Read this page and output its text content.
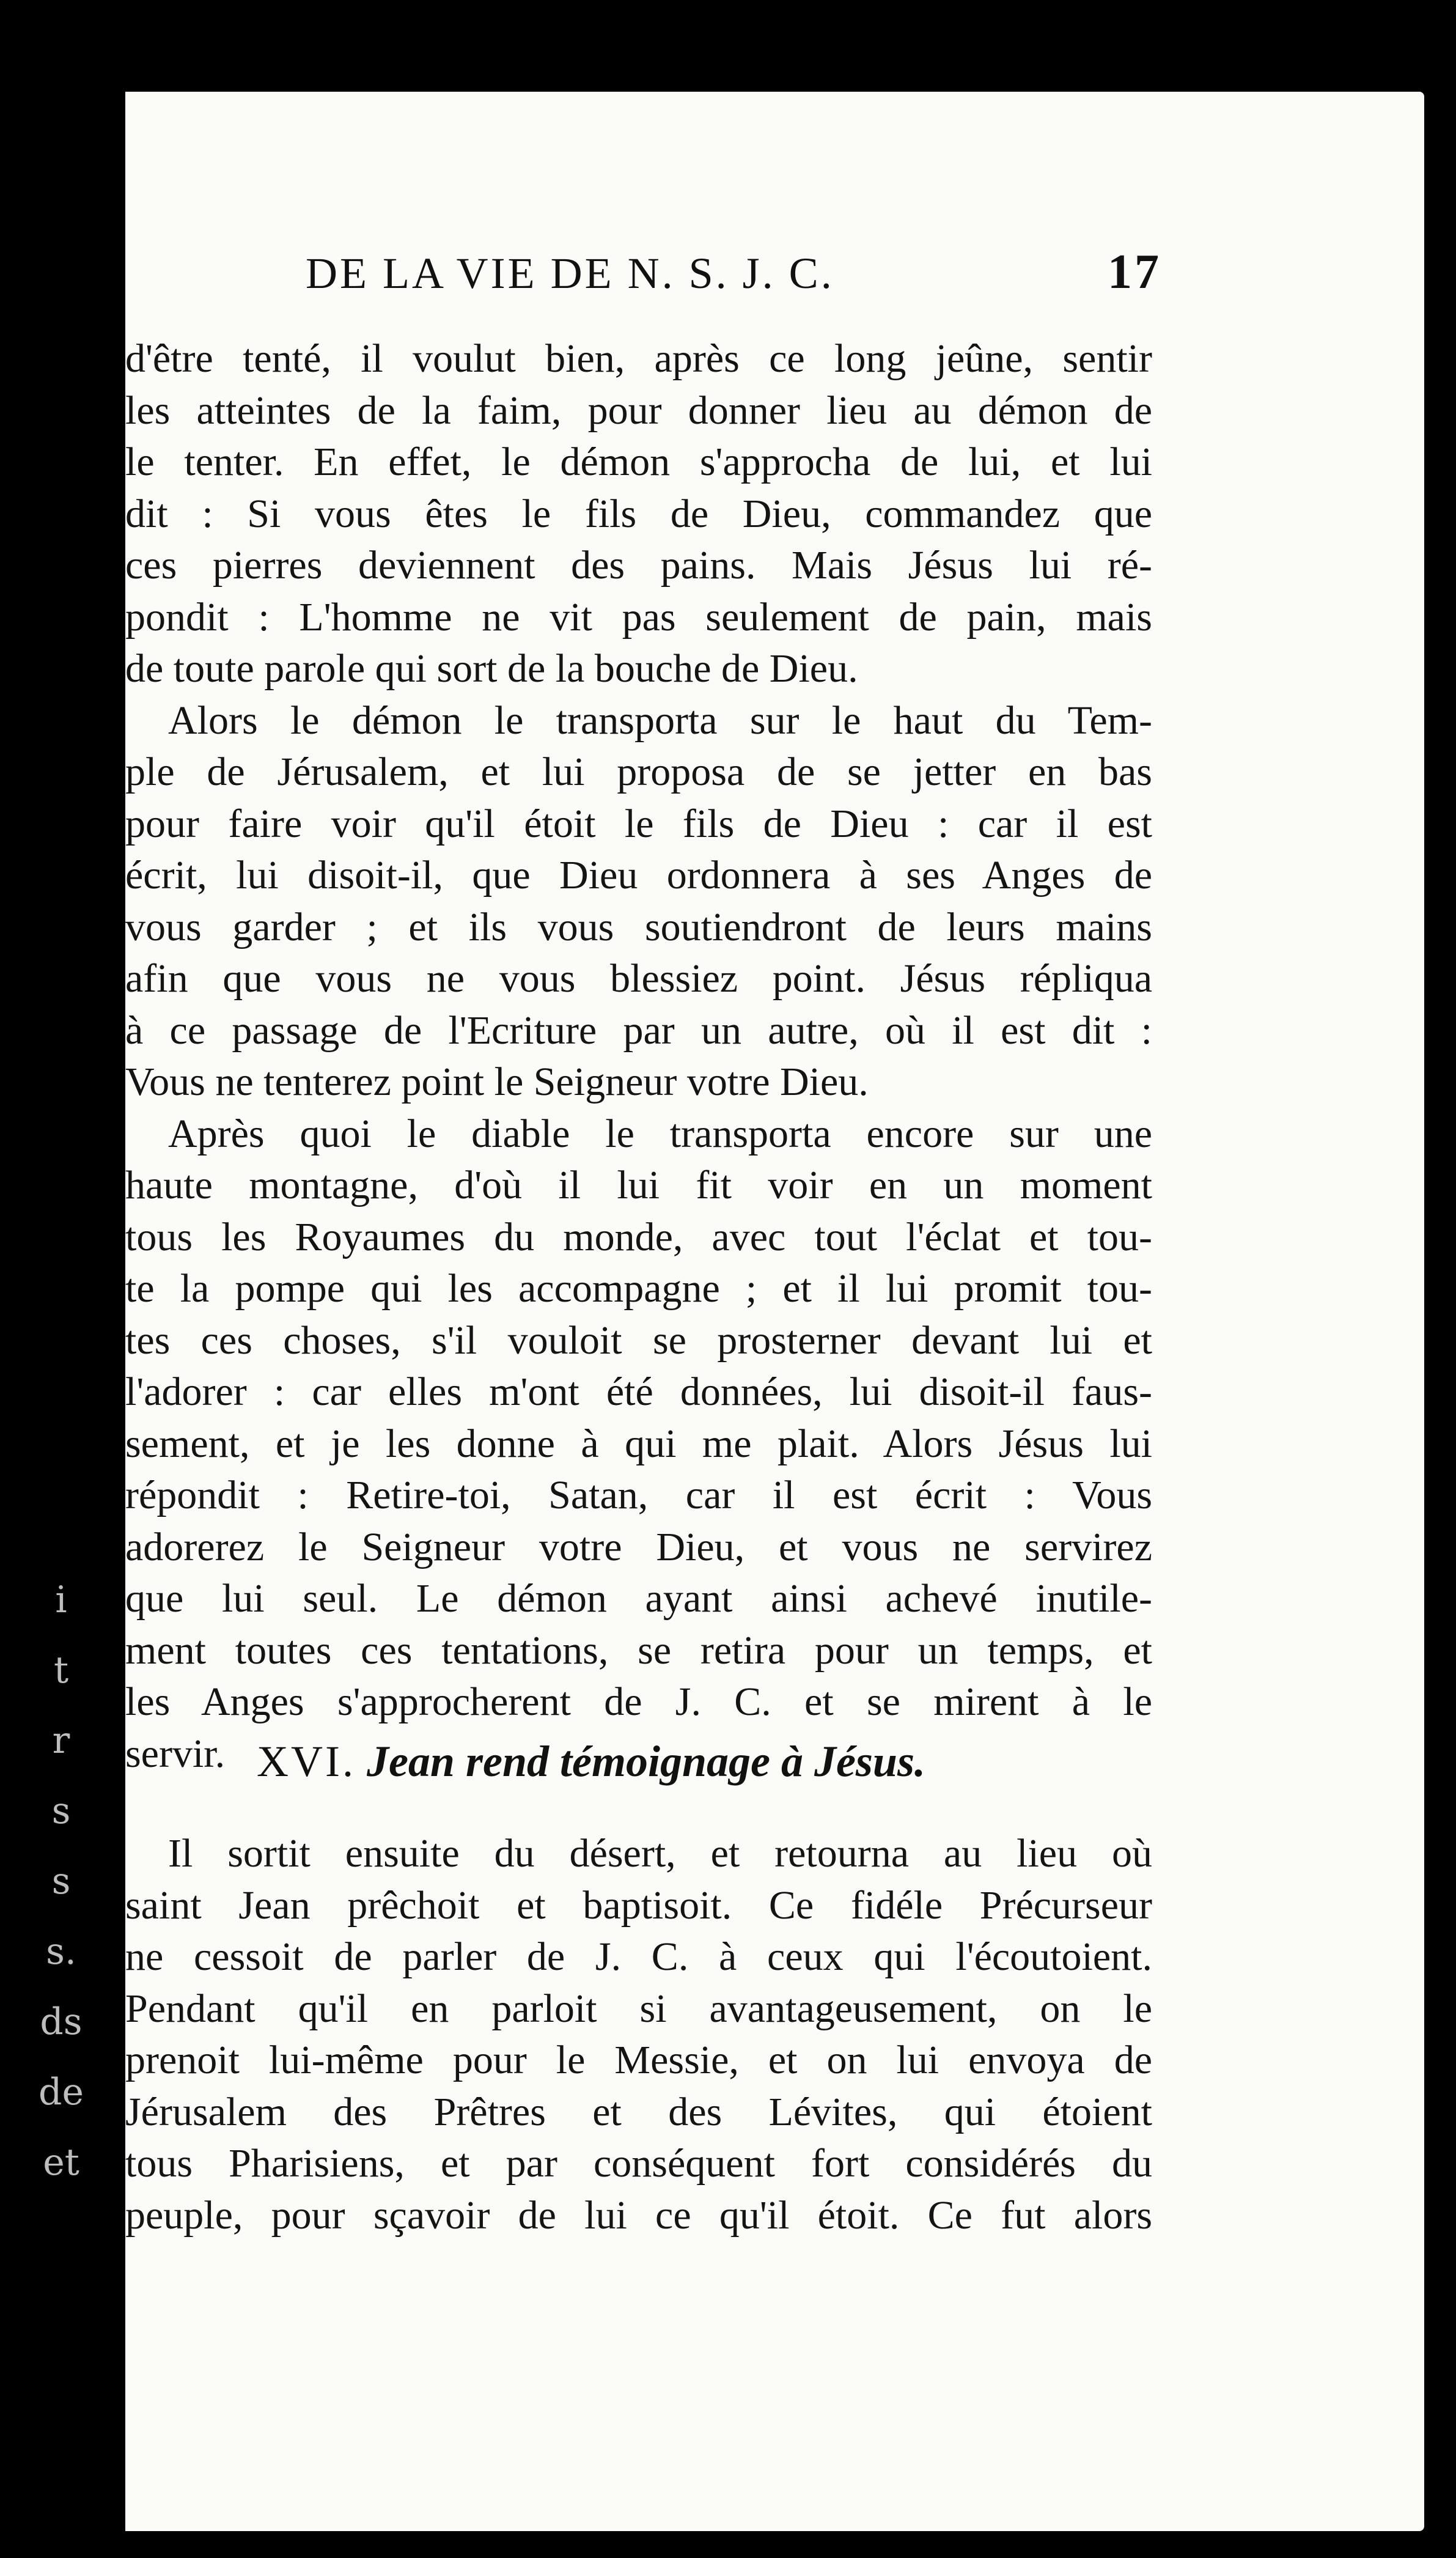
i
t
r
s
s
s.
ds
de
et
DE LA VIE DE N. S. J. C.	17
d'être tenté, il voulut bien, après ce long jeûne, sentir
les atteintes de la faim, pour donner lieu au démon de
le tenter. En effet, le démon s'approcha de lui, et lui
dit : Si vous êtes le fils de Dieu, commandez que
ces pierres deviennent des pains. Mais Jésus lui ré-
pondit : L'homme ne vit pas seulement de pain, mais
de toute parole qui sort de la bouche de Dieu.
Alors le démon le transporta sur le haut du Tem-
ple de Jérusalem, et lui proposa de se jetter en bas
pour faire voir qu'il étoit le fils de Dieu : car il est
écrit, lui disoit-il, que Dieu ordonnera à ses Anges de
vous garder ; et ils vous soutiendront de leurs mains
afin que vous ne vous blessiez point. Jésus répliqua
à ce passage de l'Ecriture par un autre, où il est dit :
Vous ne tenterez point le Seigneur votre Dieu.
Après quoi le diable le transporta encore sur une
haute montagne, d'où il lui fit voir en un moment
tous les Royaumes du monde, avec tout l'éclat et tou-
te la pompe qui les accompagne ; et il lui promit tou-
tes ces choses, s'il vouloit se prosterner devant lui et
l'adorer : car elles m'ont été données, lui disoit-il faus-
sement, et je les donne à qui me plait. Alors Jésus lui
répondit : Retire-toi, Satan, car il est écrit : Vous
adorerez le Seigneur votre Dieu, et vous ne servirez
que lui seul. Le démon ayant ainsi achevé inutile-
ment toutes ces tentations, se retira pour un temps, et
les Anges s'approcherent de J. C. et se mirent à le
servir. XVI. Jean rend témoignage à Jésus.
Il sortit ensuite du désert, et retourna au lieu où
saint Jean prêchoit et baptisoit. Ce fidéle Précurseur
ne cessoit de parler de J. C. à ceux qui l'écoutoient.
Pendant qu'il en parloit si avantageusement, on le
prenoit lui-même pour le Messie, et on lui envoya de
Jérusalem des Prêtres et des Lévites, qui étoient
tous Pharisiens, et par conséquent fort considérés du
peuple, pour sçavoir de lui ce qu'il étoit. Ce fut alors
